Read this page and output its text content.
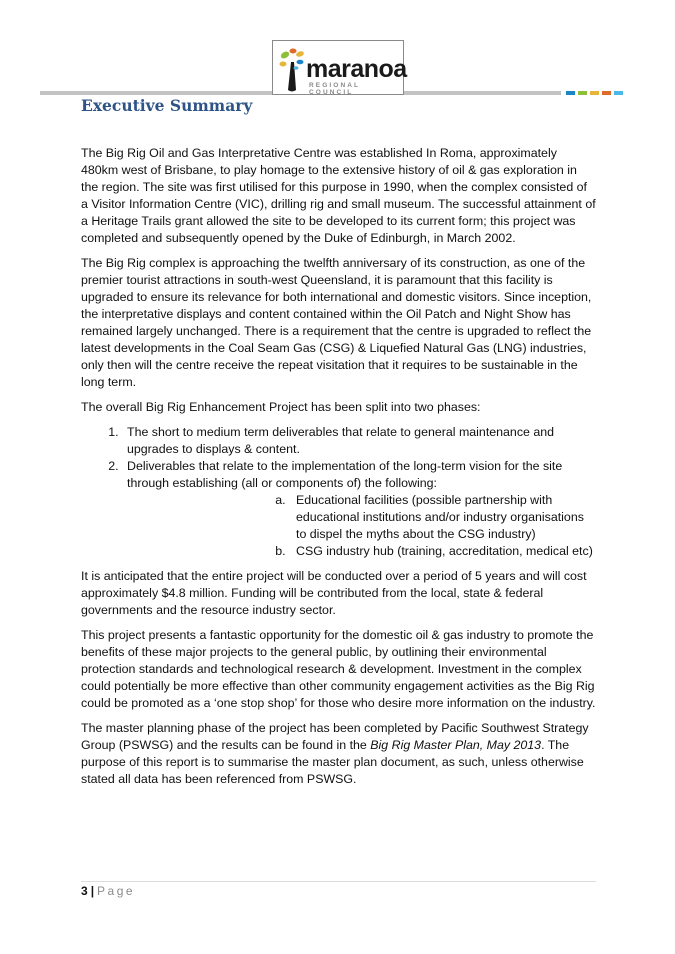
maranoa
REGIONAL COUNCIL
Executive Summary

The Big Rig Oil and Gas Interpretative Centre was established In Roma, approximately 480km west of Brisbane, to play homage to the extensive history of oil & gas exploration in the region. The site was first utilised for this purpose in 1990, when the complex consisted of a Visitor Information Centre (VIC), drilling rig and small museum. The successful attainment of a Heritage Trails grant allowed the site to be developed to its current form; this project was completed and subsequently opened by the Duke of Edinburgh, in March 2002.

The Big Rig complex is approaching the twelfth anniversary of its construction, as one of the premier tourist attractions in south-west Queensland, it is paramount that this facility is upgraded to ensure its relevance for both international and domestic visitors. Since inception, the interpretative displays and content contained within the Oil Patch and Night Show has remained largely unchanged. There is a requirement that the centre is upgraded to reflect the latest developments in the Coal Seam Gas (CSG) & Liquefied Natural Gas (LNG) industries, only then will the centre receive the repeat visitation that it requires to be sustainable in the long term.

The overall Big Rig Enhancement Project has been split into two phases:

1. The short to medium term deliverables that relate to general maintenance and upgrades to displays & content.
2. Deliverables that relate to the implementation of the long-term vision for the site through establishing (all or components of) the following:
a. Educational facilities (possible partnership with educational institutions and/or industry organisations to dispel the myths about the CSG industry)
b. CSG industry hub (training, accreditation, medical etc)

It is anticipated that the entire project will be conducted over a period of 5 years and will cost approximately $4.8 million. Funding will be contributed from the local, state & federal governments and the resource industry sector.

This project presents a fantastic opportunity for the domestic oil & gas industry to promote the benefits of these major projects to the general public, by outlining their environmental protection standards and technological research & development. Investment in the complex could potentially be more effective than other community engagement activities as the Big Rig could be promoted as a ‘one stop shop’ for those who desire more information on the industry.

The master planning phase of the project has been completed by Pacific Southwest Strategy Group (PSWSG) and the results can be found in the Big Rig Master Plan, May 2013. The purpose of this report is to summarise the master plan document, as such, unless otherwise stated all data has been referenced from PSWSG.

3 | Page
